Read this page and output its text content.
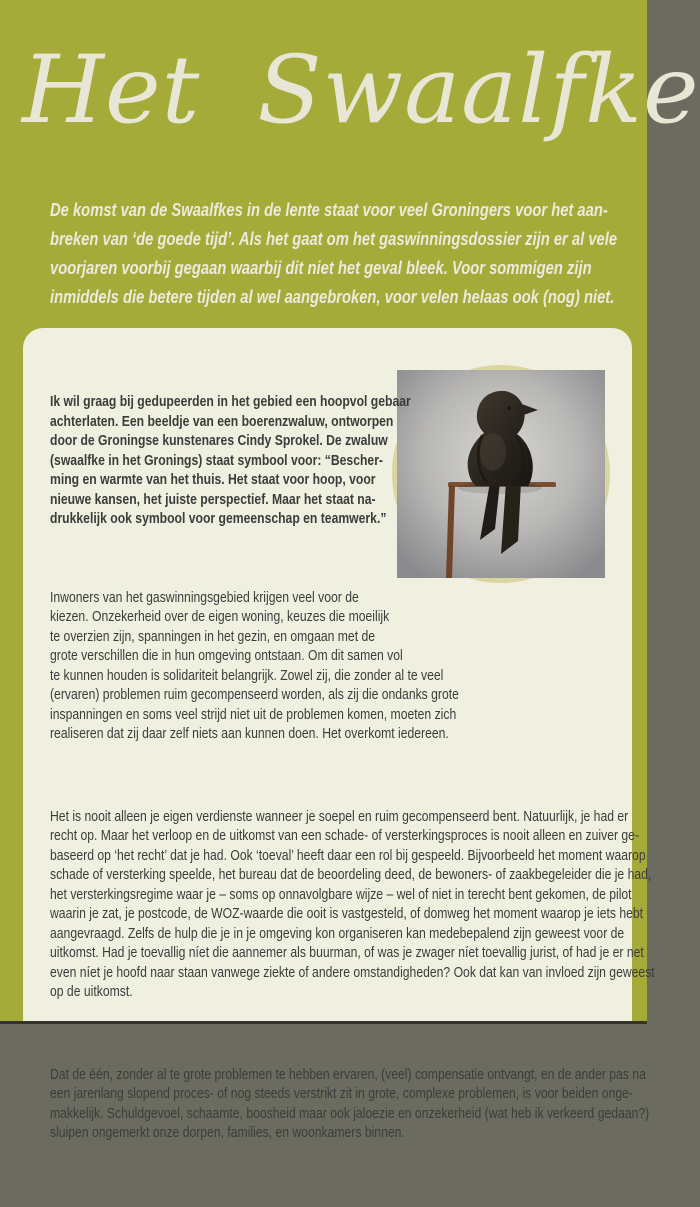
Het Swaalfke

De komst van de Swaalfkes in de lente staat voor veel Groningers voor het aan-
breken van ‘de goede tijd’. Als het gaat om het gaswinningsdossier zijn er al vele
voorjaren voorbij gegaan waarbij dit niet het geval bleek. Voor sommigen zijn
inmiddels die betere tijden al wel aangebroken, voor velen helaas ook (nog) niet.

Ik wil graag bij gedupeerden in het gebied een hoopvol gebaar
achterlaten. Een beeldje van een boerenzwaluw, ontworpen
door de Groningse kunstenares Cindy Sprokel. De zwaluw
(swaalfke in het Gronings) staat symbool voor: “Bescher-
ming en warmte van het thuis. Het staat voor hoop, voor
nieuwe kansen, het juiste perspectief. Maar het staat na-
drukkelijk ook symbool voor gemeenschap en teamwerk.”

Inwoners van het gaswinningsgebied krijgen veel voor de
kiezen. Onzekerheid over de eigen woning, keuzes die moeilijk
te overzien zijn, spanningen in het gezin, en omgaan met de
grote verschillen die in hun omgeving ontstaan. Om dit samen vol
te kunnen houden is solidariteit belangrijk. Zowel zij, die zonder al te veel
(ervaren) problemen ruim gecompenseerd worden, als zij die ondanks grote
inspanningen en soms veel strijd niet uit de problemen komen, moeten zich
realiseren dat zij daar zelf niets aan kunnen doen. Het overkomt iedereen.

Het is nooit alleen je eigen verdienste wanneer je soepel en ruim gecompenseerd bent. Natuurlijk, je had er
recht op. Maar het verloop en de uitkomst van een schade- of versterkingsproces is nooit alleen en zuiver ge-
baseerd op ‘het recht’ dat je had. Ook ‘toeval’ heeft daar een rol bij gespeeld. Bijvoorbeeld het moment waarop
schade of versterking speelde, het bureau dat de beoordeling deed, de bewoners- of zaakbegeleider die je had,
het versterkingsregime waar je – soms op onnavolgbare wijze – wel of niet in terecht bent gekomen, de pilot
waarin je zat, je postcode, de WOZ-waarde die ooit is vastgesteld, of domweg het moment waarop je iets hebt
aangevraagd. Zelfs de hulp die je in je omgeving kon organiseren kan medebepalend zijn geweest voor de
uitkomst. Had je toevallig níet die aannemer als buurman, of was je zwager níet toevallig jurist, of had je er net
even níet je hoofd naar staan vanwege ziekte of andere omstandigheden? Ook dat kan van invloed zijn geweest
op de uitkomst.

Dat de één, zonder al te grote problemen te hebben ervaren, (veel) compensatie ontvangt, en de ander pas na
een jarenlang slopend proces- of nog steeds verstrikt zit in grote, complexe problemen, is voor beiden onge-
makkelijk. Schuldgevoel, schaamte, boosheid maar ook jaloezie en onzekerheid (wat heb ik verkeerd gedaan?)
sluipen ongemerkt onze dorpen, families, en woonkamers binnen.
